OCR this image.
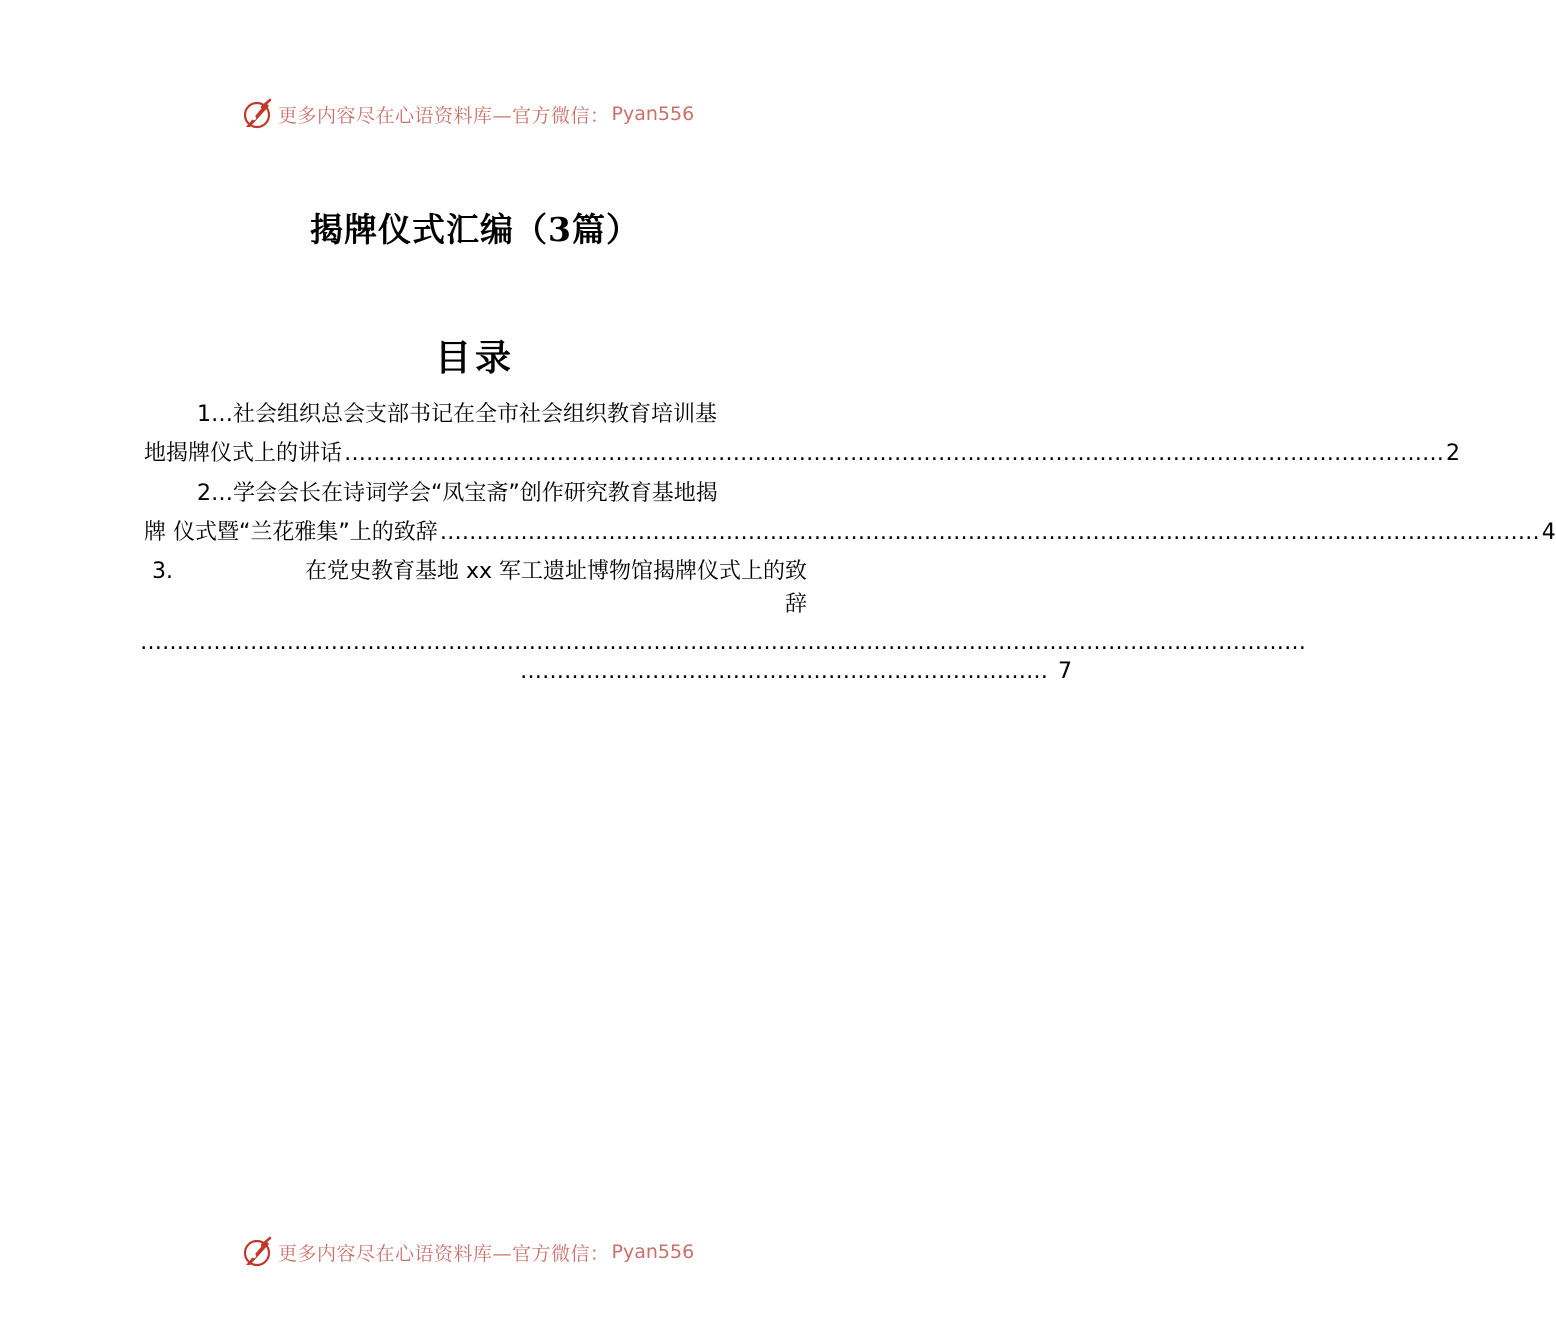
更多内容尽在心语资料库—官方微信： Pyan556
揭牌仪式汇编（3篇）
目录
1…社会组织总会支部书记在全市社会组织教育培训基
地揭牌仪式上的讲话 …………………………………………………………………………………………………………………………………… 2
2…学会会长在诗词学会“凤宝斋”创作研究教育基地揭
牌 仪式暨“兰花雅集”上的致辞 …………………………………………………………………………………………………………………………………… 4
3.	在党史教育基地 xx 军工遗址博物馆揭牌仪式上的致
辞
……………………………………………………………………………………………………………………………………………
……………………………………………………………… 7
更多内容尽在心语资料库—官方微信： Pyan556
